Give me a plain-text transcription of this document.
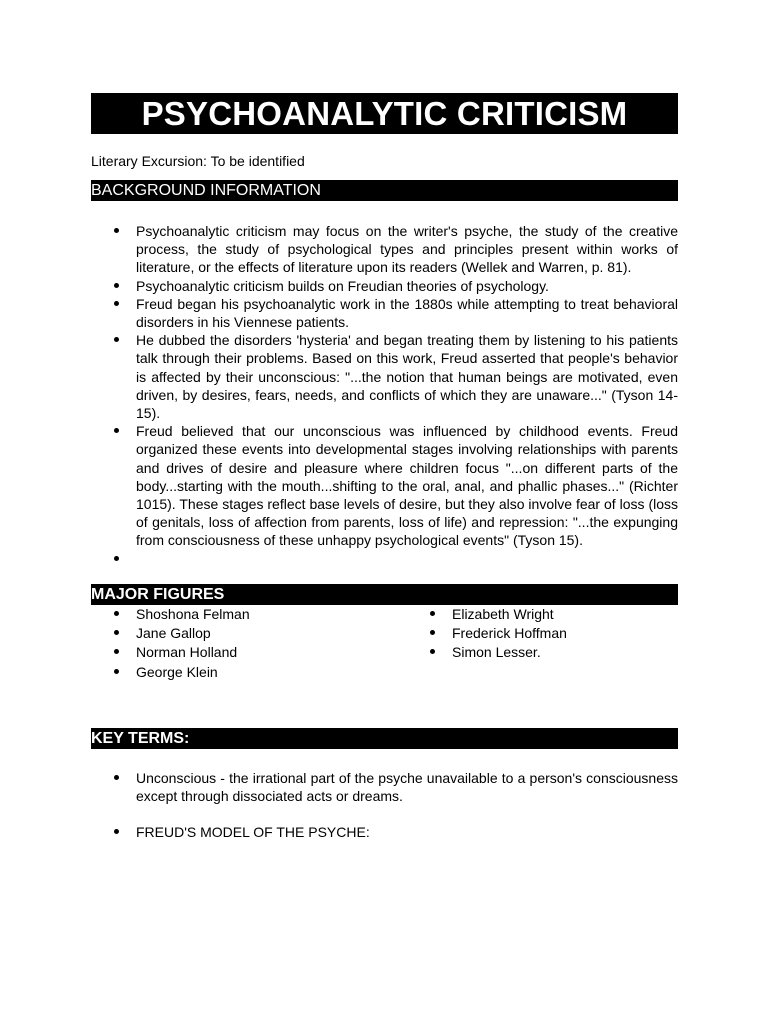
PSYCHOANALYTIC CRITICISM
Literary Excursion: To be identified
BACKGROUND INFORMATION
Psychoanalytic criticism may focus on the writer's psyche, the study of the creative process, the study of psychological types and principles present within works of literature, or the effects of literature upon its readers (Wellek and Warren, p. 81).
Psychoanalytic criticism builds on Freudian theories of psychology.
Freud began his psychoanalytic work in the 1880s while attempting to treat behavioral disorders in his Viennese patients.
He dubbed the disorders 'hysteria' and began treating them by listening to his patients talk through their problems. Based on this work, Freud asserted that people's behavior is affected by their unconscious: "...the notion that human beings are motivated, even driven, by desires, fears, needs, and conflicts of which they are unaware..." (Tyson 14-15).
Freud believed that our unconscious was influenced by childhood events. Freud organized these events into developmental stages involving relationships with parents and drives of desire and pleasure where children focus "...on different parts of the body...starting with the mouth...shifting to the oral, anal, and phallic phases..." (Richter 1015). These stages reflect base levels of desire, but they also involve fear of loss (loss of genitals, loss of affection from parents, loss of life) and repression: "...the expunging from consciousness of these unhappy psychological events" (Tyson 15).
MAJOR FIGURES
Shoshona Felman
Jane Gallop
Norman Holland
George Klein
Elizabeth Wright
Frederick Hoffman
Simon Lesser.
KEY TERMS:
Unconscious - the irrational part of the psyche unavailable to a person's consciousness except through dissociated acts or dreams.
FREUD'S MODEL OF THE PSYCHE:
